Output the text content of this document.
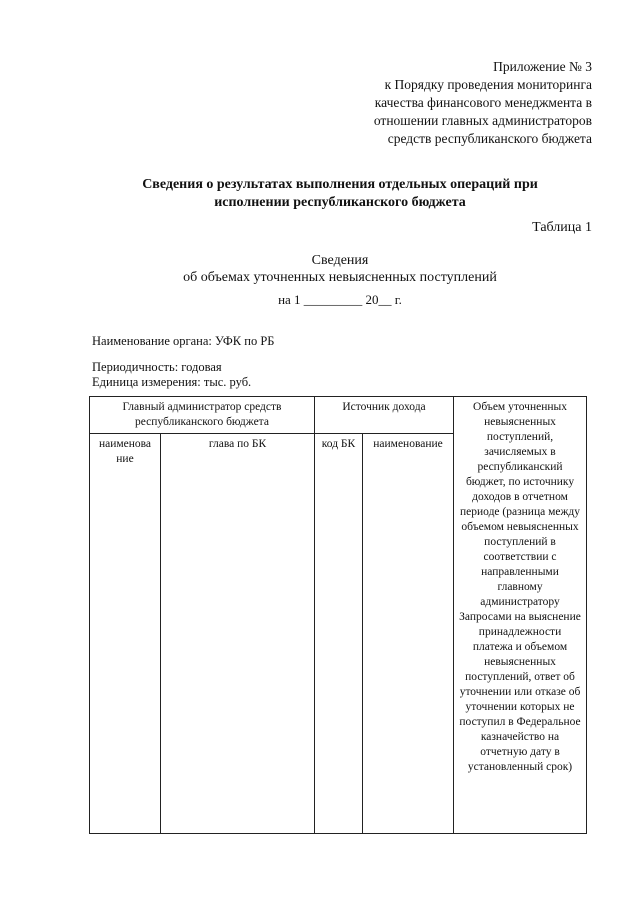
Приложение № 3
к Порядку проведения мониторинга
качества финансового менеджмента в
отношении главных администраторов
средств республиканского бюджета
Сведения о результатах выполнения отдельных операций при
исполнении республиканского бюджета
Таблица 1
Сведения
об объемах уточненных невыясненных поступлений
на 1 _________ 20__ г.
Наименование органа: УФК по РБ
Периодичность: годовая
Единица измерения: тыс. руб.
Главный администратор средств республиканского бюджета		Источник дохода		Объем уточненных невыясненных поступлений, зачисляемых в республиканский бюджет, по источнику доходов в отчетном периоде (разница между объемом невыясненных поступлений в соответствии с направленными главному администратору Запросами на выяснение принадлежности платежа и объемом невыясненных поступлений, ответ об уточнении или отказе об уточнении которых не поступил в Федеральное казначейство на отчетную дату в установленный срок)
наименова ние	глава по БК	код БК	наименование	
